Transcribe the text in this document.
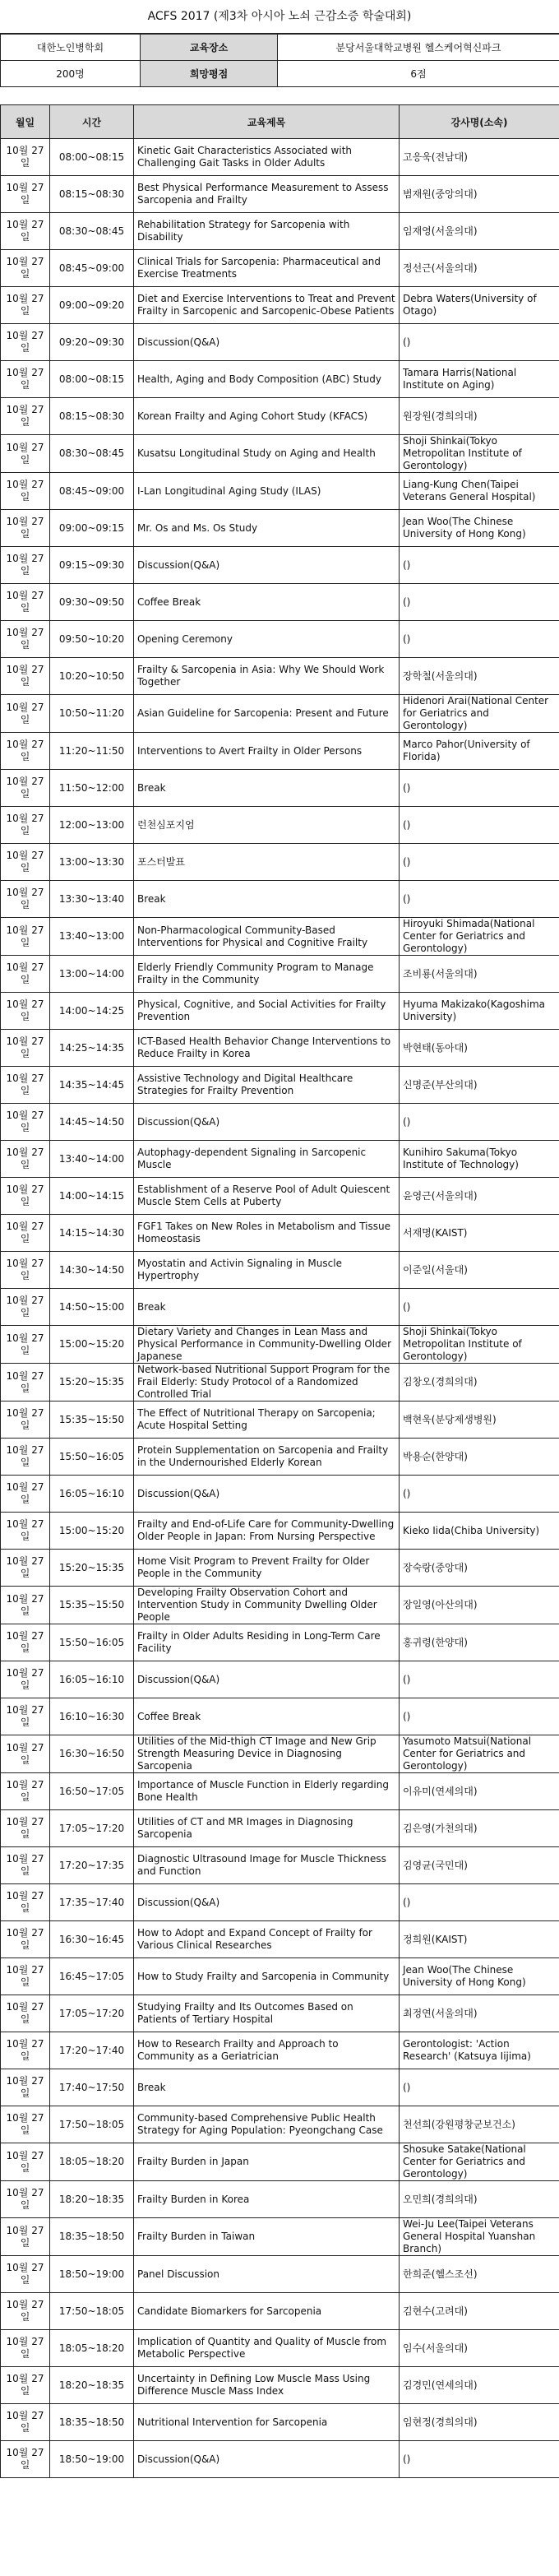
ACFS 2017 (제3차 아시아 노쇠 근감소증 학술대회)
대한노인병학회	교육장소	분당서울대학교병원 헬스케어혁신파크
200명	희망평점	6점
월일	시간	교육제목	강사명(소속)
10월 27일	08:00~08:15	Kinetic Gait Characteristics Associated with Challenging Gait Tasks in Older Adults	고응욱(전남대)
10월 27일	08:15~08:30	Best Physical Performance Measurement to Assess Sarcopenia and Frailty	범재원(중앙의대)
10월 27일	08:30~08:45	Rehabilitation Strategy for Sarcopenia with Disability	임재영(서울의대)
10월 27일	08:45~09:00	Clinical Trials for Sarcopenia: Pharmaceutical and Exercise Treatments	정선근(서울의대)
10월 27일	09:00~09:20	Diet and Exercise Interventions to Treat and Prevent Frailty in Sarcopenic and Sarcopenic-Obese Patients	Debra Waters(University of Otago)
10월 27일	09:20~09:30	Discussion(Q&A)	()
10월 27일	08:00~08:15	Health, Aging and Body Composition (ABC) Study	Tamara Harris(National Institute on Aging)
10월 27일	08:15~08:30	Korean Frailty and Aging Cohort Study (KFACS)	원장원(경희의대)
10월 27일	08:30~08:45	Kusatsu Longitudinal Study on Aging and Health	Shoji Shinkai(Tokyo Metropolitan Institute of Gerontology)
10월 27일	08:45~09:00	I-Lan Longitudinal Aging Study (ILAS)	Liang-Kung Chen(Taipei Veterans General Hospital)
10월 27일	09:00~09:15	Mr. Os and Ms. Os Study	Jean Woo(The Chinese University of Hong Kong)
10월 27일	09:15~09:30	Discussion(Q&A)	()
10월 27일	09:30~09:50	Coffee Break	()
10월 27일	09:50~10:20	Opening Ceremony	()
10월 27일	10:20~10:50	Frailty & Sarcopenia in Asia: Why We Should Work Together	장학철(서울의대)
10월 27일	10:50~11:20	Asian Guideline for Sarcopenia: Present and Future	Hidenori Arai(National Center for Geriatrics and Gerontology)
10월 27일	11:20~11:50	Interventions to Avert Frailty in Older Persons	Marco Pahor(University of Florida)
10월 27일	11:50~12:00	Break	()
10월 27일	12:00~13:00	런천심포지엄	()
10월 27일	13:00~13:30	포스터발표	()
10월 27일	13:30~13:40	Break	()
10월 27일	13:40~13:00	Non-Pharmacological Community-Based Interventions for Physical and Cognitive Frailty	Hiroyuki Shimada(National Center for Geriatrics and Gerontology)
10월 27일	13:00~14:00	Elderly Friendly Community Program to Manage Frailty in the Community	조비룡(서울의대)
10월 27일	14:00~14:25	Physical, Cognitive, and Social Activities for Frailty Prevention	Hyuma Makizako(Kagoshima University)
10월 27일	14:25~14:35	ICT-Based Health Behavior Change Interventions to Reduce Frailty in Korea	박현태(동아대)
10월 27일	14:35~14:45	Assistive Technology and Digital Healthcare Strategies for Frailty Prevention	신명준(부산의대)
10월 27일	14:45~14:50	Discussion(Q&A)	()
10월 27일	13:40~14:00	Autophagy-dependent Signaling in Sarcopenic Muscle	Kunihiro Sakuma(Tokyo Institute of Technology)
10월 27일	14:00~14:15	Establishment of a Reserve Pool of Adult Quiescent Muscle Stem Cells at Puberty	윤영근(서울의대)
10월 27일	14:15~14:30	FGF1 Takes on New Roles in Metabolism and Tissue Homeostasis	서재명(KAIST)
10월 27일	14:30~14:50	Myostatin and Activin Signaling in Muscle Hypertrophy	이준일(서울대)
10월 27일	14:50~15:00	Break	()
10월 27일	15:00~15:20	Dietary Variety and Changes in Lean Mass and Physical Performance in Community-Dwelling Older Japanese	Shoji Shinkai(Tokyo Metropolitan Institute of Gerontology)
10월 27일	15:20~15:35	Network-based Nutritional Support Program for the Frail Elderly: Study Protocol of a Randomized Controlled Trial	김창오(경희의대)
10월 27일	15:35~15:50	The Effect of Nutritional Therapy on Sarcopenia; Acute Hospital Setting	백현욱(분당제생병원)
10월 27일	15:50~16:05	Protein Supplementation on Sarcopenia and Frailty in the Undernourished Elderly Korean	박용순(한양대)
10월 27일	16:05~16:10	Discussion(Q&A)	()
10월 27일	15:00~15:20	Frailty and End-of-Life Care for Community-Dwelling Older People in Japan: From Nursing Perspective	Kieko Iida(Chiba University)
10월 27일	15:20~15:35	Home Visit Program to Prevent Frailty for Older People in the Community	장숙랑(중앙대)
10월 27일	15:35~15:50	Developing Frailty Observation Cohort and Intervention Study in Community Dwelling Older People	장일영(아산의대)
10월 27일	15:50~16:05	Frailty in Older Adults Residing in Long-Term Care Facility	홍귀령(한양대)
10월 27일	16:05~16:10	Discussion(Q&A)	()
10월 27일	16:10~16:30	Coffee Break	()
10월 27일	16:30~16:50	Utilities of the Mid-thigh CT Image and New Grip Strength Measuring Device in Diagnosing Sarcopenia	Yasumoto Matsui(National Center for Geriatrics and Gerontology)
10월 27일	16:50~17:05	Importance of Muscle Function in Elderly regarding Bone Health	이유미(연세의대)
10월 27일	17:05~17:20	Utilities of CT and MR Images in Diagnosing Sarcopenia	김은영(가천의대)
10월 27일	17:20~17:35	Diagnostic Ultrasound Image for Muscle Thickness and Function	김영균(국민대)
10월 27일	17:35~17:40	Discussion(Q&A)	()
10월 27일	16:30~16:45	How to Adopt and Expand Concept of Frailty for Various Clinical Researches	정희원(KAIST)
10월 27일	16:45~17:05	How to Study Frailty and Sarcopenia in Community	Jean Woo(The Chinese University of Hong Kong)
10월 27일	17:05~17:20	Studying Frailty and Its Outcomes Based on Patients of Tertiary Hospital	최정연(서울의대)
10월 27일	17:20~17:40	How to Research Frailty and Approach to Community as a Geriatrician	Gerontologist: 'Action Research' (Katsuya Iijima)
10월 27일	17:40~17:50	Break	()
10월 27일	17:50~18:05	Community-based Comprehensive Public Health Strategy for Aging Population: Pyeongchang Case	천선희(강원평창군보건소)
10월 27일	18:05~18:20	Frailty Burden in Japan	Shosuke Satake(National Center for Geriatrics and Gerontology)
10월 27일	18:20~18:35	Frailty Burden in Korea	오민희(경희의대)
10월 27일	18:35~18:50	Frailty Burden in Taiwan	Wei-Ju Lee(Taipei Veterans General Hospital Yuanshan Branch)
10월 27일	18:50~19:00	Panel Discussion	한희준(헬스조선)
10월 27일	17:50~18:05	Candidate Biomarkers for Sarcopenia	김현수(고려대)
10월 27일	18:05~18:20	Implication of Quantity and Quality of Muscle from Metabolic Perspective	임수(서울의대)
10월 27일	18:20~18:35	Uncertainty in Defining Low Muscle Mass Using Difference Muscle Mass Index	김경민(연세의대)
10월 27일	18:35~18:50	Nutritional Intervention for Sarcopenia	임현정(경희의대)
10월 27일	18:50~19:00	Discussion(Q&A)	()
